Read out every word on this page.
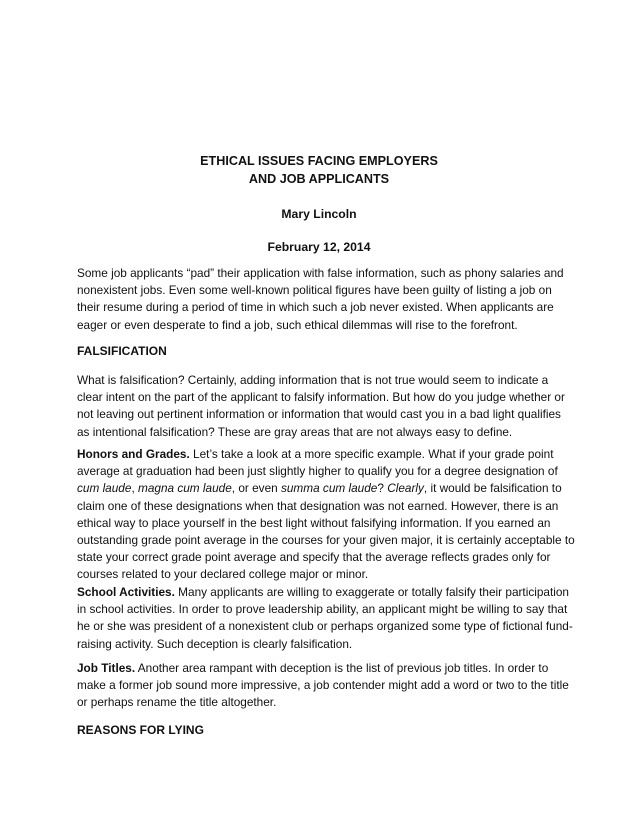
ETHICAL ISSUES FACING EMPLOYERS
AND JOB APPLICANTS
Mary Lincoln
February 12, 2014
Some job applicants “pad” their application with false information, such as phony salaries and
nonexistent jobs. Even some well-known political figures have been guilty of listing a job on
their resume during a period of time in which such a job never existed. When applicants are
eager or even desperate to find a job, such ethical dilemmas will rise to the forefront.
FALSIFICATION
What is falsification? Certainly, adding information that is not true would seem to indicate a
clear intent on the part of the applicant to falsify information. But how do you judge whether or
not leaving out pertinent information or information that would cast you in a bad light qualifies
as intentional falsification? These are gray areas that are not always easy to define.
Honors and Grades. Let’s take a look at a more specific example. What if your grade point
average at graduation had been just slightly higher to qualify you for a degree designation of
cum laude, magna cum laude, or even summa cum laude? Clearly, it would be falsification to
claim one of these designations when that designation was not earned. However, there is an
ethical way to place yourself in the best light without falsifying information. If you earned an
outstanding grade point average in the courses for your given major, it is certainly acceptable to
state your correct grade point average and specify that the average reflects grades only for
courses related to your declared college major or minor.
School Activities. Many applicants are willing to exaggerate or totally falsify their participation
in school activities. In order to prove leadership ability, an applicant might be willing to say that
he or she was president of a nonexistent club or perhaps organized some type of fictional fund-
raising activity. Such deception is clearly falsification.
Job Titles. Another area rampant with deception is the list of previous job titles. In order to
make a former job sound more impressive, a job contender might add a word or two to the title
or perhaps rename the title altogether.
REASONS FOR LYING
